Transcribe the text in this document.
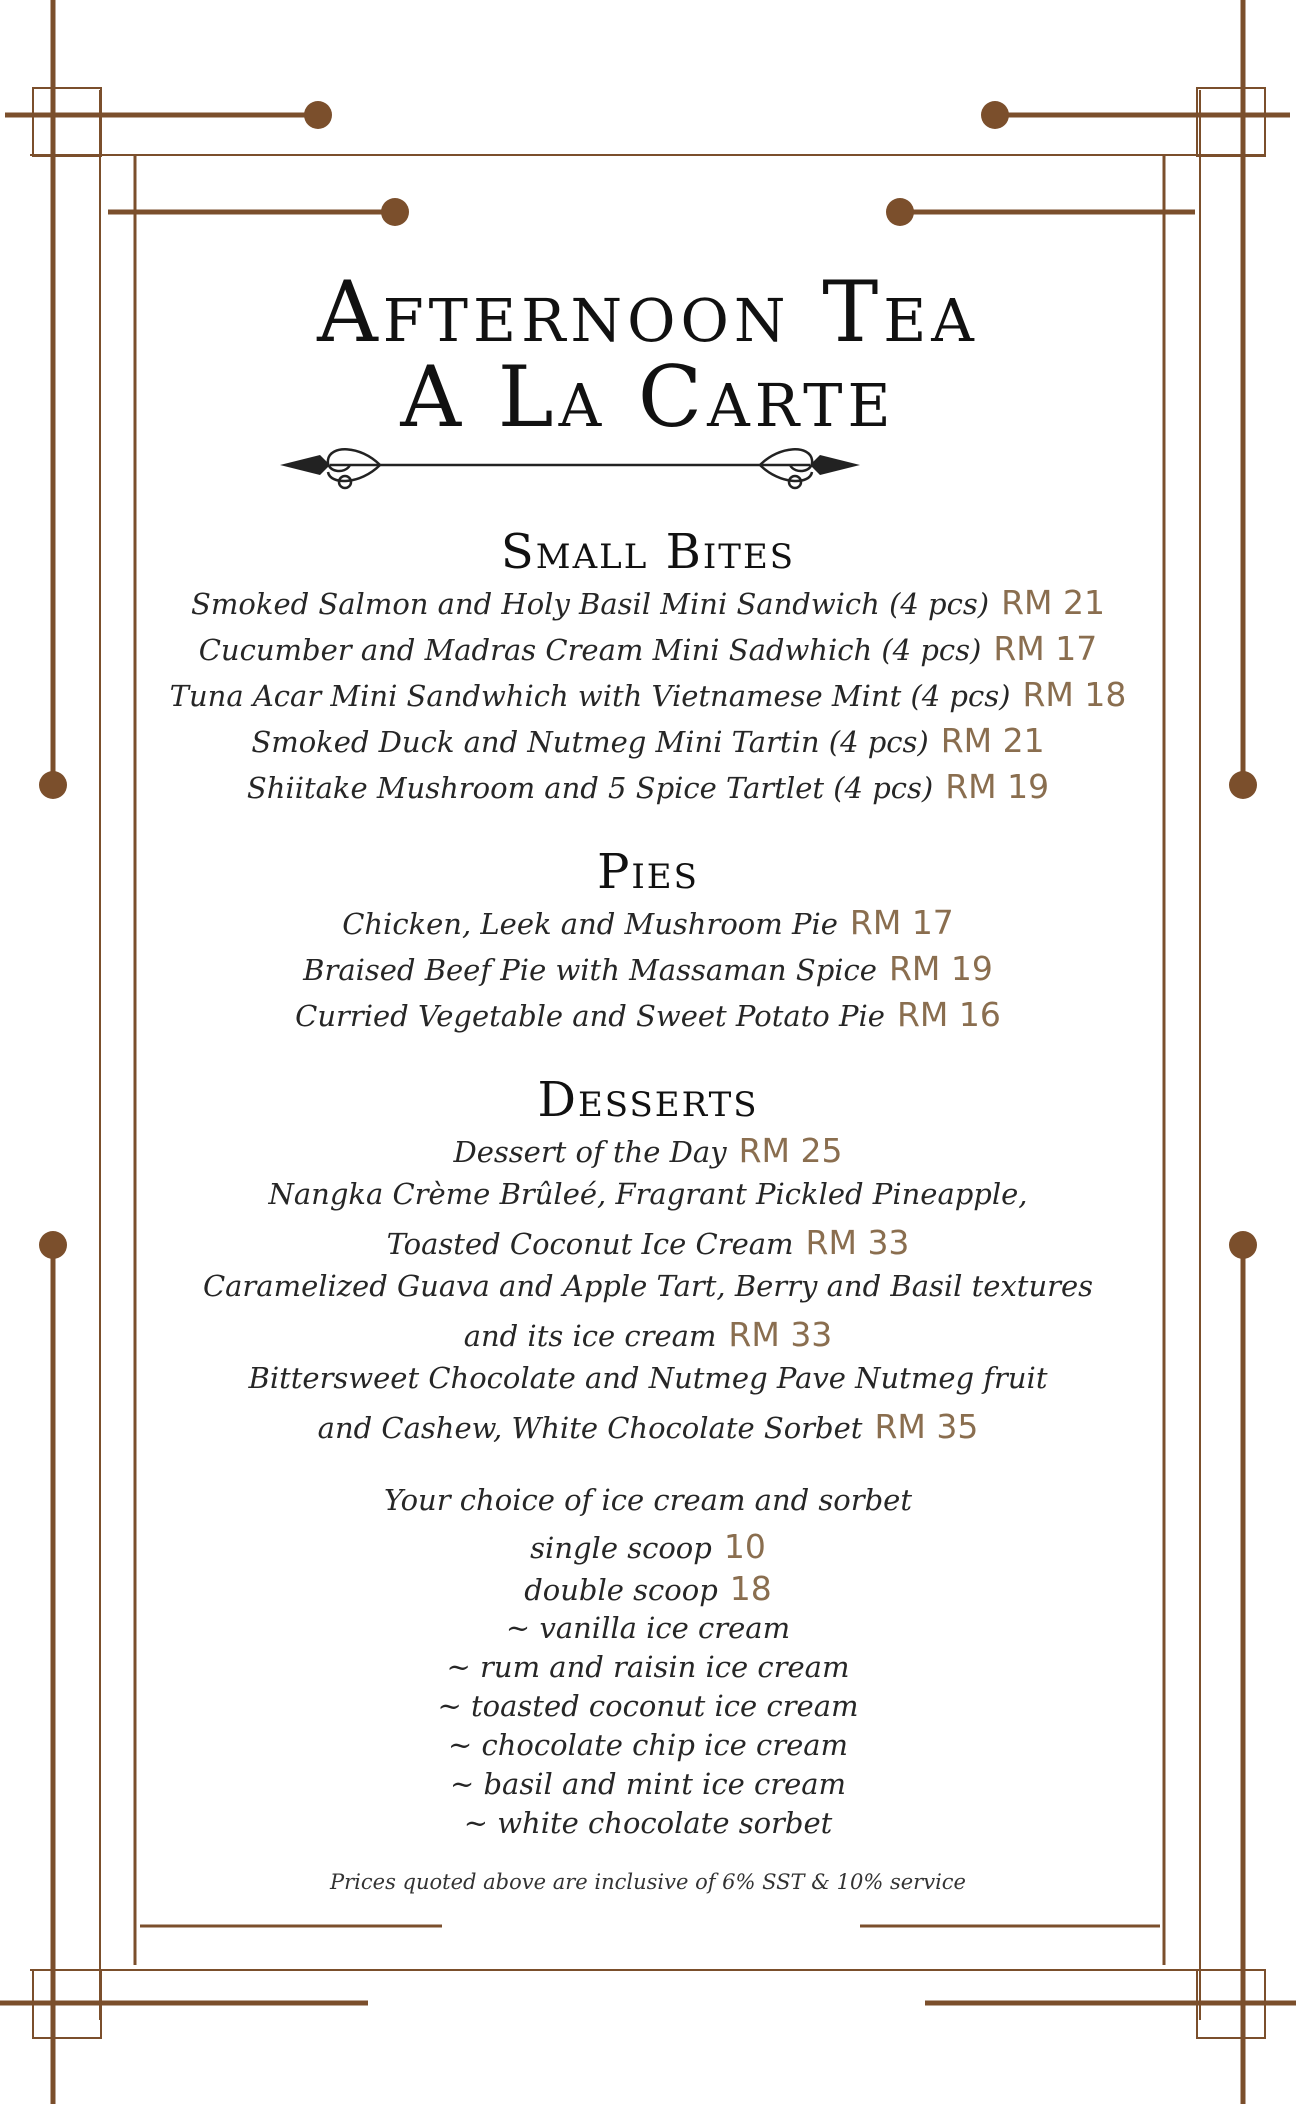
Afternoon Tea
A La Carte
Small Bites
Smoked Salmon and Holy Basil Mini Sandwich (4 pcs) RM 21
Cucumber and Madras Cream Mini Sadwhich (4 pcs) RM 17
Tuna Acar Mini Sandwhich with Vietnamese Mint (4 pcs) RM 18
Smoked Duck and Nutmeg Mini Tartin (4 pcs) RM 21
Shiitake Mushroom and 5 Spice Tartlet (4 pcs) RM 19
Pies
Chicken, Leek and Mushroom Pie RM 17
Braised Beef Pie with Massaman Spice RM 19
Curried Vegetable and Sweet Potato Pie RM 16
Desserts
Dessert of the Day RM 25
Nangka Crème Brûleé, Fragrant Pickled Pineapple,
Toasted Coconut Ice Cream RM 33
Caramelized Guava and Apple Tart, Berry and Basil textures
and its ice cream RM 33
Bittersweet Chocolate and Nutmeg Pave Nutmeg fruit
and Cashew, White Chocolate Sorbet RM 35
Your choice of ice cream and sorbet
single scoop 10
double scoop 18
~ vanilla ice cream
~ rum and raisin ice cream
~ toasted coconut ice cream
~ chocolate chip ice cream
~ basil and mint ice cream
~ white chocolate sorbet
Prices quoted above are inclusive of 6% SST & 10% service
